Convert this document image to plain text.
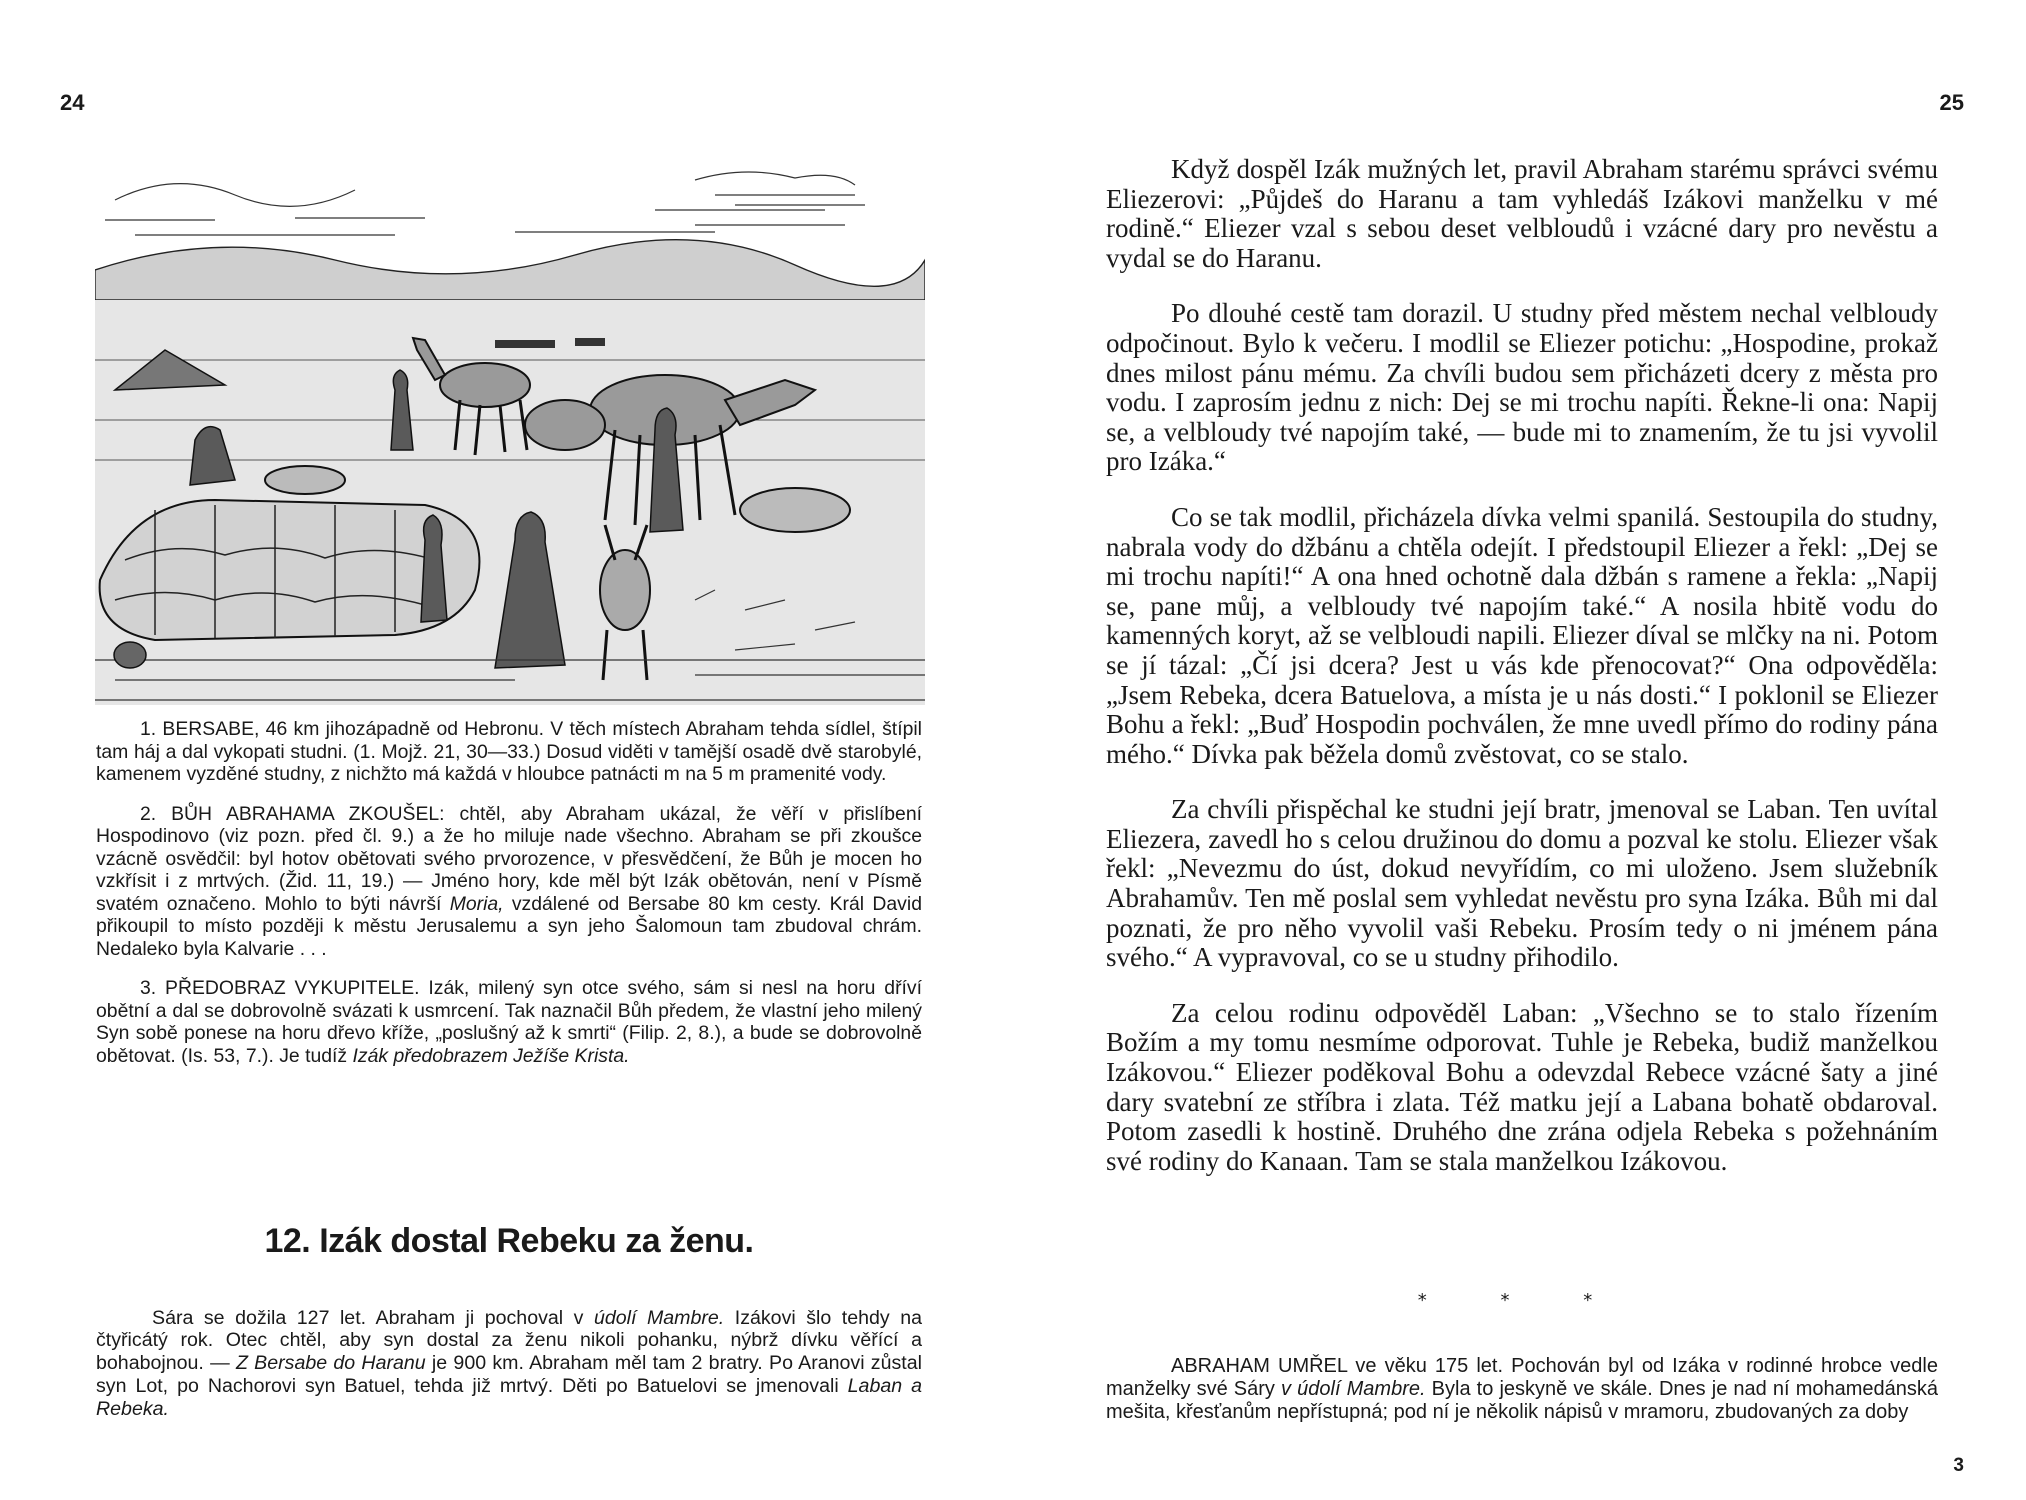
24

1. BERSABE, 46 km jihozápadně od Hebronu. V těch místech Abraham tehda sídlel, štípil tam háj a dal vykopati studni. (1. Mojž. 21, 30—33.) Dosud viděti v tamější osadě dvě starobylé, kamenem vyzděné studny, z nichžto má každá v hloubce patnácti m na 5 m pramenité vody.

2. BŮH ABRAHAMA ZKOUŠEL: chtěl, aby Abraham ukázal, že věří v přislíbení Hospodinovo (viz pozn. před čl. 9.) a že ho miluje nade všechno. Abraham se při zkoušce vzácně osvědčil: byl hotov obětovati svého prvorozence, v přesvědčení, že Bůh je mocen ho vzkřísit i z mrtvých. (Žid. 11, 19.) — Jméno hory, kde měl být Izák obětován, není v Písmě svatém označeno. Mohlo to býti návrší Moria, vzdálené od Bersabe 80 km cesty. Král David přikoupil to místo později k městu Jerusalemu a syn jeho Šalomoun tam zbudoval chrám. Nedaleko byla Kalvarie . . .

3. PŘEDOBRAZ VYKUPITELE. Izák, milený syn otce svého, sám si nesl na horu dříví obětní a dal se dobrovolně svázati k usmrcení. Tak naznačil Bůh předem, že vlastní jeho milený Syn sobě ponese na horu dřevo kříže, „poslušný až k smrti“ (Filip. 2, 8.), a bude se dobrovolně obětovat. (Is. 53, 7.). Je tudíž Izák předobrazem Ježíše Krista.

12. Izák dostal Rebeku za ženu.

Sára se dožila 127 let. Abraham ji pochoval v údolí Mambre. Izákovi šlo tehdy na čtyřicátý rok. Otec chtěl, aby syn dostal za ženu nikoli pohanku, nýbrž dívku věřící a bohabojnou. — Z Bersabe do Haranu je 900 km. Abraham měl tam 2 bratry. Po Aranovi zůstal syn Lot, po Nachorovi syn Batuel, tehda již mrtvý. Děti po Batuelovi se jmenovali Laban a Rebeka.

25

Když dospěl Izák mužných let, pravil Abraham starému správci svému Eliezerovi: „Půjdeš do Haranu a tam vyhledáš Izákovi manželku v mé rodině.“ Eliezer vzal s sebou deset velbloudů i vzácné dary pro nevěstu a vydal se do Haranu.

Po dlouhé cestě tam dorazil. U studny před městem nechal velbloudy odpočinout. Bylo k večeru. I modlil se Eliezer potichu: „Hospodine, prokaž dnes milost pánu mému. Za chvíli budou sem přicházeti dcery z města pro vodu. I zaprosím jednu z nich: Dej se mi trochu napíti. Řekne-li ona: Napij se, a velbloudy tvé napojím také, — bude mi to znamením, že tu jsi vyvolil pro Izáka.“

Co se tak modlil, přicházela dívka velmi spanilá. Sestoupila do studny, nabrala vody do džbánu a chtěla odejít. I předstoupil Eliezer a řekl: „Dej se mi trochu napíti!“ A ona hned ochotně dala džbán s ramene a řekla: „Napij se, pane můj, a velbloudy tvé napojím také.“ A nosila hbitě vodu do kamenných koryt, až se velbloudi napili. Eliezer díval se mlčky na ni. Potom se jí tázal: „Čí jsi dcera? Jest u vás kde přenocovat?“ Ona odpověděla: „Jsem Rebeka, dcera Batuelova, a místa je u nás dosti.“ I poklonil se Eliezer Bohu a řekl: „Buď Hospodin pochválen, že mne uvedl přímo do rodiny pána mého.“ Dívka pak běžela domů zvěstovat, co se stalo.

Za chvíli přispěchal ke studni její bratr, jmenoval se Laban. Ten uvítal Eliezera, zavedl ho s celou družinou do domu a pozval ke stolu. Eliezer však řekl: „Nevezmu do úst, dokud nevyřídím, co mi uloženo. Jsem služebník Abrahamův. Ten mě poslal sem vyhledat nevěstu pro syna Izáka. Bůh mi dal poznati, že pro něho vyvolil vaši Rebeku. Prosím tedy o ni jménem pána svého.“ A vypravoval, co se u studny přihodilo.

Za celou rodinu odpověděl Laban: „Všechno se to stalo řízením Božím a my tomu nesmíme odporovat. Tuhle je Rebeka, budiž manželkou Izákovou.“ Eliezer poděkoval Bohu a odevzdal Rebece vzácné šaty a jiné dary svatební ze stříbra i zlata. Též matku její a Labana bohatě obdaroval. Potom zasedli k hostině. Druhého dne zrána odjela Rebeka s požehnáním své rodiny do Kanaan. Tam se stala manželkou Izákovou.

* * *

ABRAHAM UMŘEL ve věku 175 let. Pochován byl od Izáka v rodinné hrobce vedle manželky své Sáry v údolí Mambre. Byla to jeskyně ve skále. Dnes je nad ní mohamedánská mešita, křesťanům nepřístupná; pod ní je několik nápisů v mramoru, zbudovaných za doby

3
